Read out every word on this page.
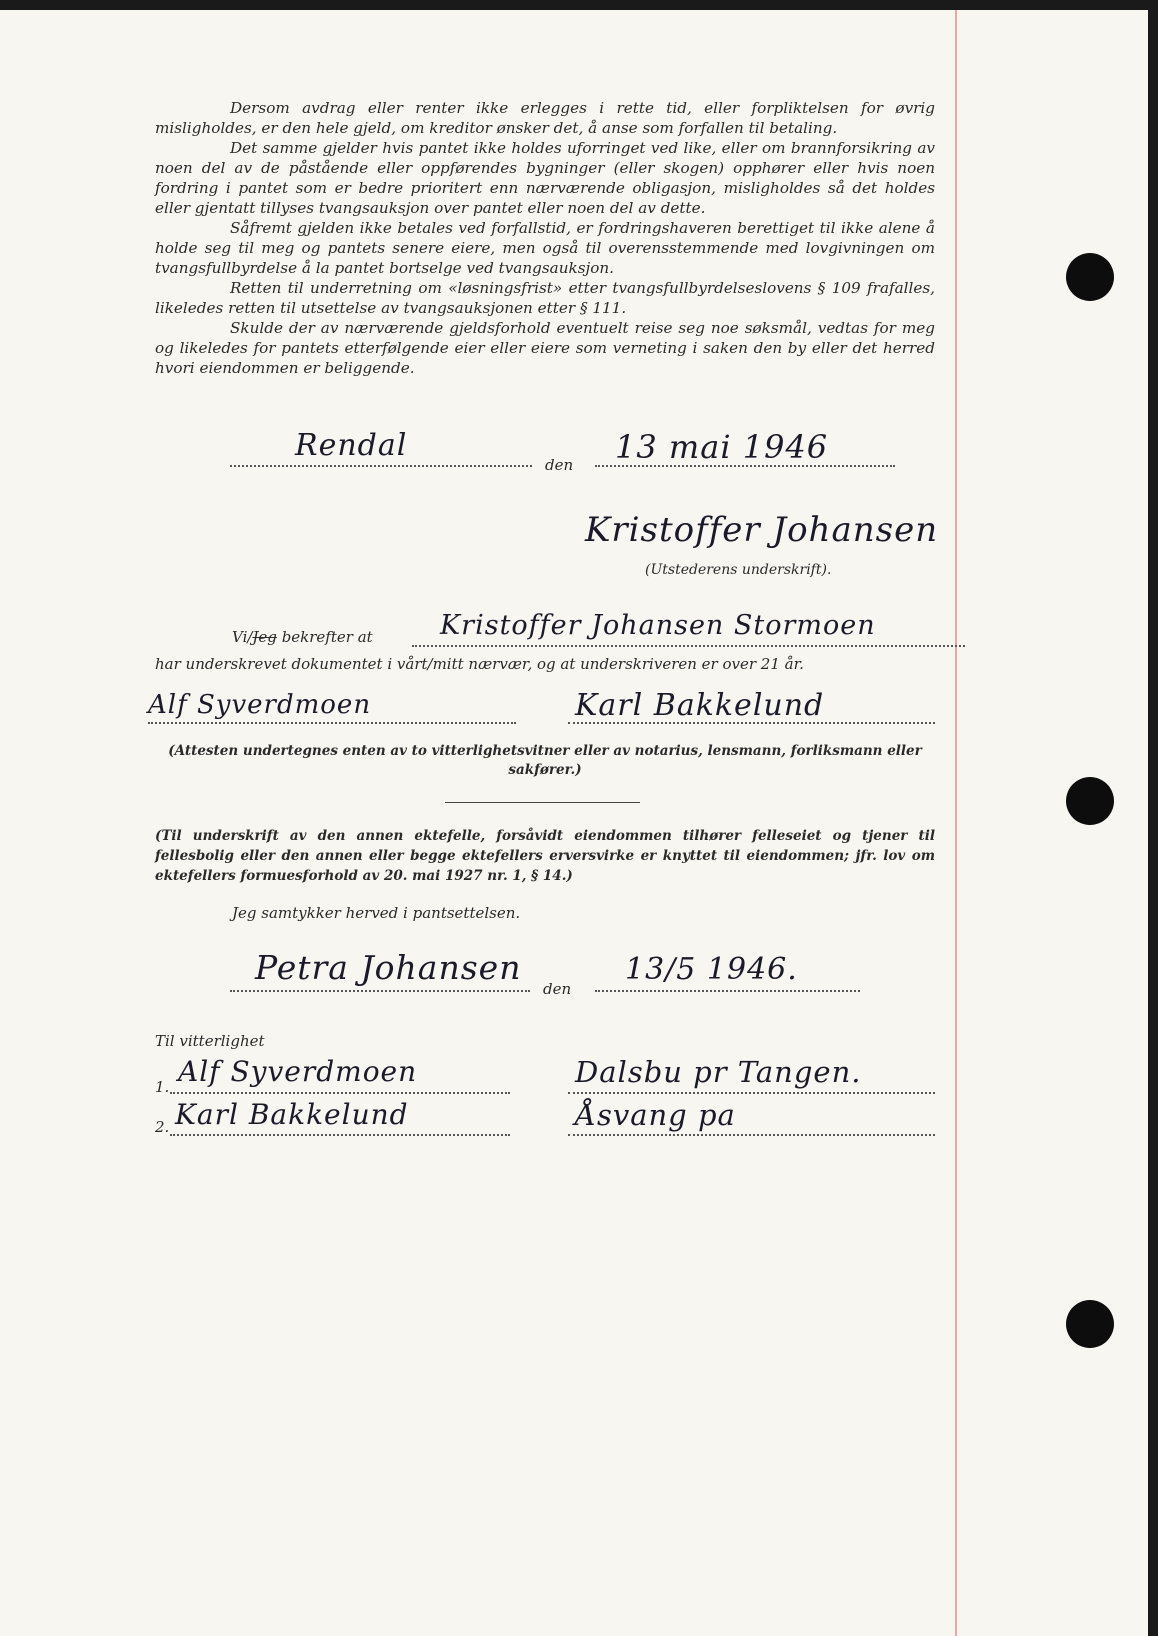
Dersom avdrag eller renter ikke erlegges i rette tid, eller forpliktelsen for øvrig misligholdes, er den hele gjeld, om kreditor ønsker det, å anse som forfallen til betaling.

Det samme gjelder hvis pantet ikke holdes uforringet ved like, eller om brannforsikring av noen del av de påstående eller oppførendes bygninger (eller skogen) opphører eller hvis noen fordring i pantet som er bedre prioritert enn nærværende obligasjon, misligholdes så det holdes eller gjentatt tillyses tvangsauksjon over pantet eller noen del av dette.

Såfremt gjelden ikke betales ved forfallstid, er fordringshaveren berettiget til ikke alene å holde seg til meg og pantets senere eiere, men også til overensstemmende med lovgivningen om tvangsfullbyrdelse å la pantet bortselge ved tvangsauksjon.

Retten til underretning om «løsningsfrist» etter tvangsfullbyrdelseslovens § 109 frafalles, likeledes retten til utsettelse av tvangsauksjonen etter § 111.

Skulde der av nærværende gjeldsforhold eventuelt reise seg noe søksmål, vedtas for meg og likeledes for pantets etterfølgende eier eller eiere som verneting i saken den by eller det herred hvori eiendommen er beliggende.

Rendal
den 13 mai 1946
Kristoffer Johansen
(Utstederens underskrift).
Vi/Jeg bekrefter at Kristoffer Johansen Stormoen
har underskrevet dokumentet i vårt/mitt nærvær, og at underskriveren er over 21 år.
Alf Syverdmoen	Karl Bakkelund
(Attesten undertegnes enten av to vitterlighetsvitner eller av notarius, lensmann, forliksmann eller sakfører.)
(Til underskrift av den annen ektefelle, forsåvidt eiendommen tilhører felleseiet og tjener til fellesbolig eller den annen eller begge ektefellers erversvirke er knyttet til eiendommen; jfr. lov om ektefellers formuesforhold av 20. mai 1927 nr. 1, § 14.)
Jeg samtykker herved i pantsettelsen.
Petra Johansen
den
13/5 1946.
Til vitterlighet
1. Alf Syverdmoen	Dalsbu pr Tangen.
2. Karl Bakkelund	Åsvang pa
